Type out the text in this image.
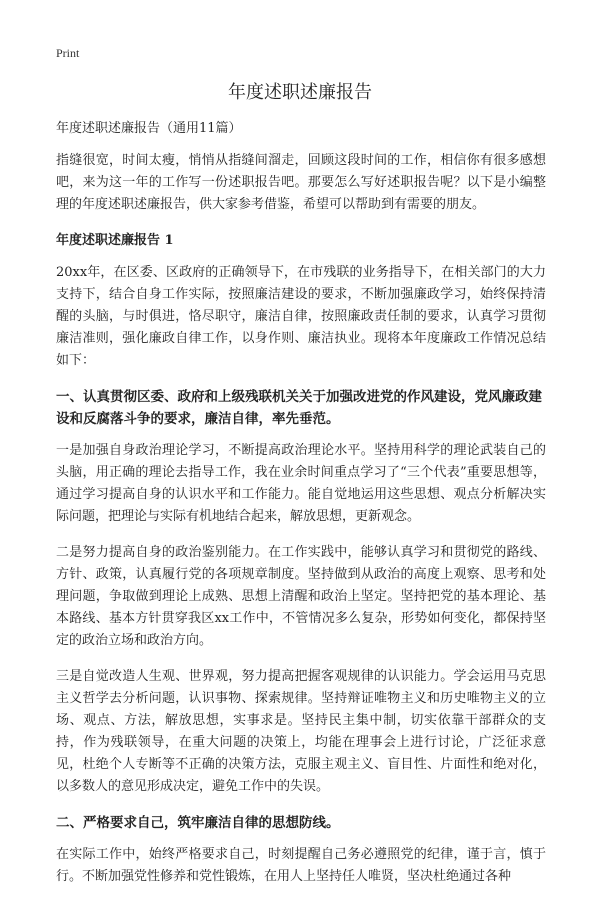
Print
年度述职述廉报告
年度述职述廉报告（通用11篇）

指缝很宽，时间太瘦，悄悄从指缝间溜走，回顾这段时间的工作，相信你有很多感想吧，来为这一年的工作写一份述职报告吧。那要怎么写好述职报告呢？以下是小编整理的年度述职述廉报告，供大家参考借鉴，希望可以帮助到有需要的朋友。

年度述职述廉报告 1

20xx年，在区委、区政府的正确领导下，在市残联的业务指导下，在相关部门的大力支持下，结合自身工作实际，按照廉洁建设的要求，不断加强廉政学习，始终保持清醒的头脑，与时俱进，恪尽职守，廉洁自律，按照廉政责任制的要求，认真学习贯彻廉洁准则，强化廉政自律工作，以身作则、廉洁执业。现将本年度廉政工作情况总结如下：

一、认真贯彻区委、政府和上级残联机关关于加强改进党的作风建设，党风廉政建设和反腐落斗争的要求，廉洁自律，率先垂范。

一是加强自身政治理论学习，不断提高政治理论水平。坚持用科学的理论武装自己的头脑，用正确的理论去指导工作，我在业余时间重点学习了“三个代表”重要思想等，通过学习提高自身的认识水平和工作能力。能自觉地运用这些思想、观点分析解决实际问题，把理论与实际有机地结合起来，解放思想，更新观念。

二是努力提高自身的政治鉴别能力。在工作实践中，能够认真学习和贯彻党的路线、方针、政策，认真履行党的各项规章制度。坚持做到从政治的高度上观察、思考和处理问题，争取做到理论上成熟、思想上清醒和政治上坚定。坚持把党的基本理论、基本路线、基本方针贯穿我区xx工作中，不管情况多么复杂，形势如何变化，都保持坚定的政治立场和政治方向。

三是自觉改造人生观、世界观，努力提高把握客观规律的认识能力。学会运用马克思主义哲学去分析问题，认识事物、探索规律。坚持辩证唯物主义和历史唯物主义的立场、观点、方法，解放思想，实事求是。坚持民主集中制，切实依靠干部群众的支持，作为残联领导，在重大问题的决策上，均能在理事会上进行讨论，广泛征求意见，杜绝个人专断等不正确的决策方法，克服主观主义、盲目性、片面性和绝对化，以多数人的意见形成决定，避免工作中的失误。

二、严格要求自己，筑牢廉洁自律的思想防线。

在实际工作中，始终严格要求自己，时刻提醒自己务必遵照党的纪律，谨于言，慎于行。不断加强党性修养和党性锻炼，在用人上坚持任人唯贤，坚决杜绝通过各种
